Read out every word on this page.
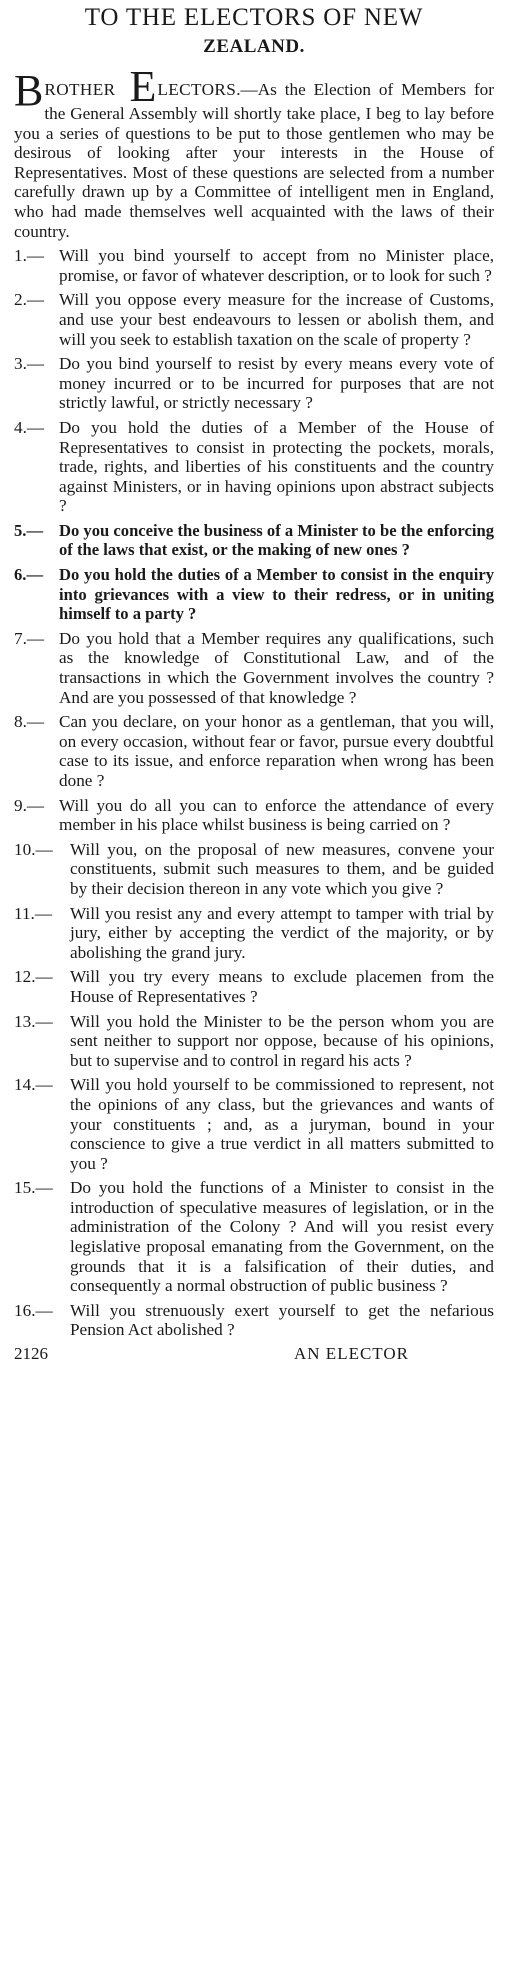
TO THE ELECTORS OF NEW
ZEALAND.

BROTHER ELECTORS.—As the Election of Members for the General Assembly will shortly take place, I beg to lay before you a series of questions to be put to those gentlemen who may be desirous of looking after your interests in the House of Representatives. Most of these questions are selected from a number carefully drawn up by a Committee of intelligent men in England, who had made themselves well acquainted with the laws of their country.

1.— Will you bind yourself to accept from no Minister place, promise, or favor of whatever description, or to look for such ?
2.— Will you oppose every measure for the increase of Customs, and use your best endeavours to lessen or abolish them, and will you seek to establish taxation on the scale of property ?
3.— Do you bind yourself to resist by every means every vote of money incurred or to be incurred for purposes that are not strictly lawful, or strictly necessary ?
4.— Do you hold the duties of a Member of the House of Representatives to consist in protecting the pockets, morals, trade, rights, and liberties of his constituents and the country against Ministers, or in having opinions upon abstract subjects ?
5.— Do you conceive the business of a Minister to be the enforcing of the laws that exist, or the making of new ones ?
6.— Do you hold the duties of a Member to consist in the enquiry into grievances with a view to their redress, or in uniting himself to a party ?
7.— Do you hold that a Member requires any qualifications, such as the knowledge of Constitutional Law, and of the transactions in which the Government involves the country ? And are you possessed of that knowledge ?
8.— Can you declare, on your honor as a gentleman, that you will, on every occasion, without fear or favor, pursue every doubtful case to its issue, and enforce reparation when wrong has been done ?
9.— Will you do all you can to enforce the attendance of every member in his place whilst business is being carried on ?
10.—	Will you, on the proposal of new measures, convene your constituents, submit such measures to them, and be guided by their decision thereon in any vote which you give ?
11.—	Will you resist any and every attempt to tamper with trial by jury, either by accepting the verdict of the majority, or by abolishing the grand jury.
12.—	Will you try every means to exclude placemen from the House of Representatives ?
13.—	Will you hold the Minister to be the person whom you are sent neither to support nor oppose, because of his opinions, but to supervise and to control in regard his acts ?
14.—	Will you hold yourself to be commissioned to represent, not the opinions of any class, but the grievances and wants of your constituents ; and, as a juryman, bound in your conscience to give a true verdict in all matters submitted to you ?
15.—	Do you hold the functions of a Minister to consist in the introduction of speculative measures of legislation, or in the administration of the Colony ? And will you resist every legislative proposal emanating from the Government, on the grounds that it is a falsification of their duties, and consequently a normal obstruction of public business ?
16.—	Will you strenuously exert yourself to get the nefarious Pension Act abolished ?
2126	AN ELECTOR
